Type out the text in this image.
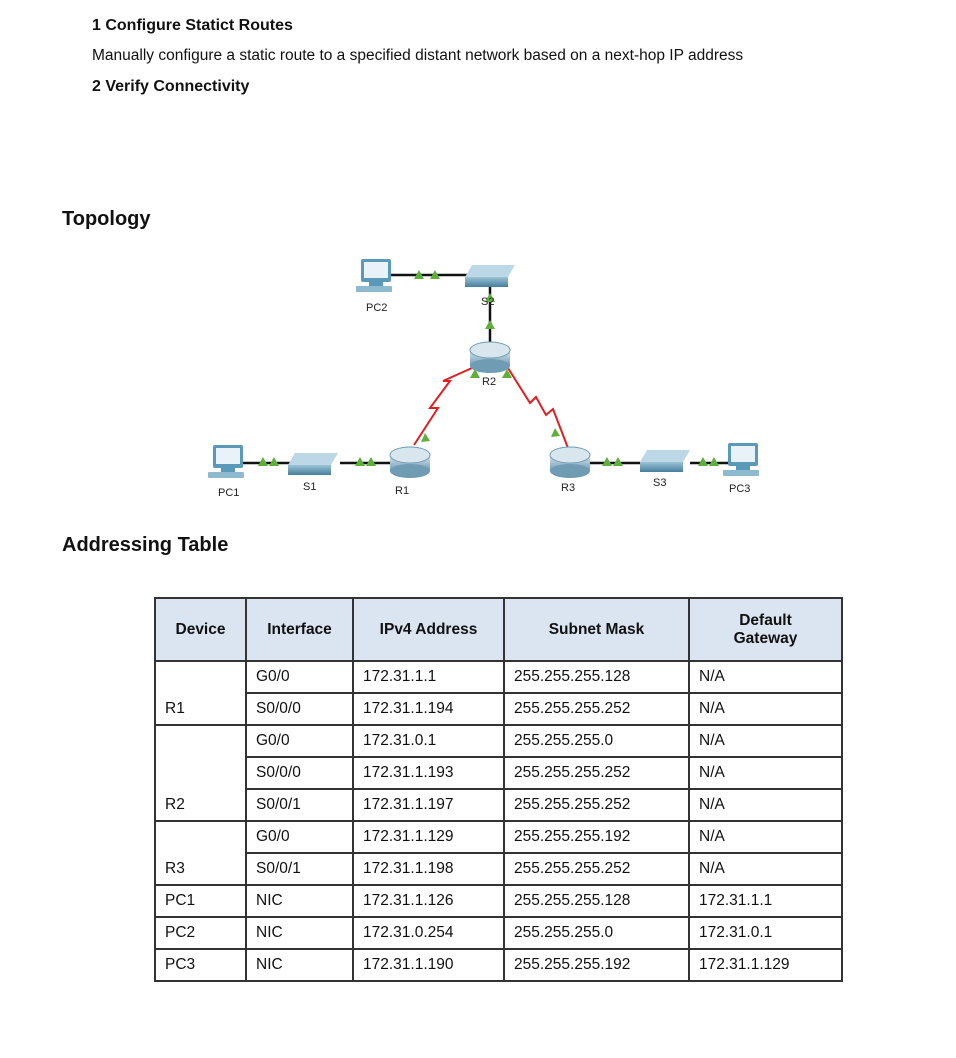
1 Configure Statict Routes

Manually configure a static route to a specified distant network based on a next-hop IP address

2 Verify Connectivity

Topology
PC2	S2
R2
PC1	S1	R1	R3	S3	PC3
Addressing Table
Device	Interface	IPv4 Address	Subnet Mask	Default
Gateway
	G0/0	172.31.1.1	255.255.255.128	N/A
R1	S0/0/0	172.31.1.194	255.255.255.252	N/A
	G0/0	172.31.0.1	255.255.255.0	N/A
	S0/0/0	172.31.1.193	255.255.255.252	N/A
R2	S0/0/1	172.31.1.197	255.255.255.252	N/A
	G0/0	172.31.1.129	255.255.255.192	N/A
R3	S0/0/1	172.31.1.198	255.255.255.252	N/A
PC1	NIC	172.31.1.126	255.255.255.128	172.31.1.1
PC2	NIC	172.31.0.254	255.255.255.0	172.31.0.1
PC3	NIC	172.31.1.190	255.255.255.192	172.31.1.129
